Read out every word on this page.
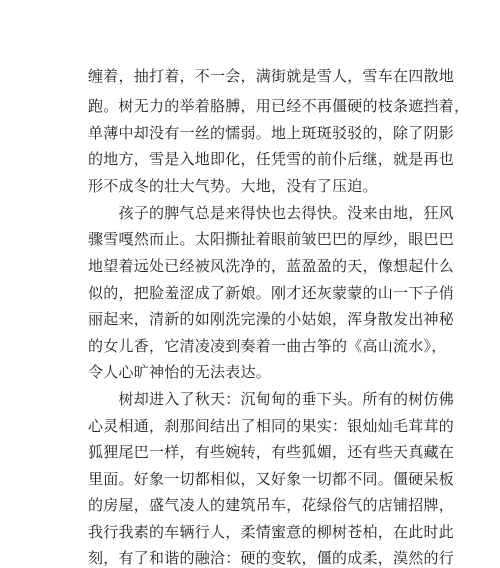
缠着，抽打着，不一会，满街就是雪人，雪车在四散地
跑。树无力的举着胳膊，用已经不再僵硬的枝条遮挡着，
单薄中却没有一丝的懦弱。地上斑斑驳驳的，除了阴影
的地方，雪是入地即化，任凭雪的前仆后继，就是再也
形不成冬的壮大气势。大地，没有了压迫。
　　孩子的脾气总是来得快也去得快。没来由地，狂风
骤雪嘎然而止。太阳撕扯着眼前皱巴巴的厚纱，眼巴巴
地望着远处已经被风洗净的，蓝盈盈的天，像想起什么
似的，把脸羞涩成了新娘。刚才还灰蒙蒙的山一下子俏
丽起来，清新的如刚洗完澡的小姑娘，浑身散发出神秘
的女儿香，它清凌凌到奏着一曲古筝的《高山流水》，
令人心旷神怡的无法表达。
　　树却进入了秋天：沉甸甸的垂下头。所有的树仿佛
心灵相通，刹那间结出了相同的果实：银灿灿毛茸茸的
狐狸尾巴一样，有些婉转，有些狐媚，还有些天真藏在
里面。好象一切都相似，又好象一切都不同。僵硬呆板
的房屋，盛气凌人的建筑吊车，花绿俗气的店铺招牌，
我行我素的车辆行人，柔情蜜意的柳树苍柏，在此时此
刻，有了和谐的融洽：硬的变软，僵的成柔，漠然的行
